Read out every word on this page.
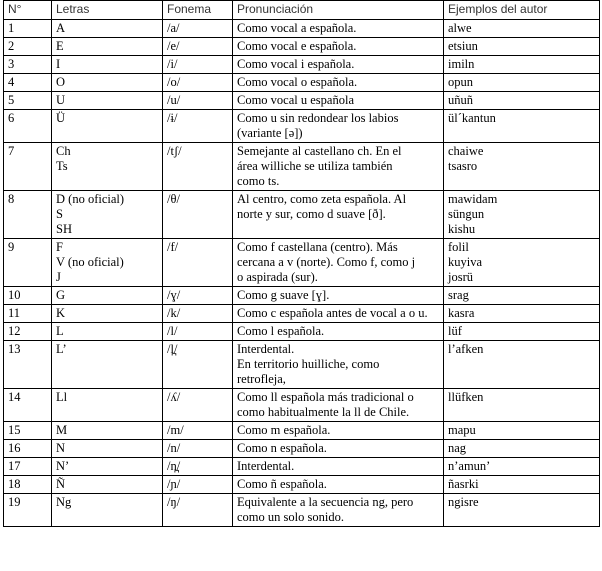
N°	Letras	Fonema	Pronunciación	Ejemplos del autor
1	A	/a/	Como vocal a española.	alwe

2	E	/e/	Como vocal e española.	etsiun

3	I	/i/	Como vocal i española.	imiln

4	O	/o/	Como vocal o española.	opun

5	U	/u/	Como vocal u española	uñuñ

6	Ü	/ɨ/	Como u sin redondear los labios
(variante [ə])	ül´kantun

7	Ch
Ts	/tʃ/	Semejante al castellano ch. En el
área williche se utiliza también
como ts.	chaiwe
tsasro

8	D (no oficial)
S
SH	/θ/	Al centro, como zeta española. Al
norte y sur, como d suave [ð].	mawidam
süngun
kishu

9	F
V (no oficial)
J	/f/	Como f castellana (centro). Más
cercana a v (norte). Como f, como j
o aspirada (sur).	folil
kuyiva
josrü

10	G	/ɣ/	Como g suave [ɣ].	srag

11	K	/k/	Como c española antes de vocal a o u.	kasra

12	L	/l/	Como l española.	lüf

13	L’	/l̪/	Interdental.
En territorio huilliche, como
retrofleja,	l’afken

14	Ll	/ʎ/	Como ll española más tradicional o
como habitualmente la ll de Chile.	llüfken

15	M	/m/	Como m española.	mapu

16	N	/n/	Como n española.	nag

17	N’	/n̪/	Interdental.	n’amun’

18	Ñ	/ɲ/	Como ñ española.	ñasrki

19	Ng	/ŋ/	Equivalente a la secuencia ng, pero
como un solo sonido.	ngisre
